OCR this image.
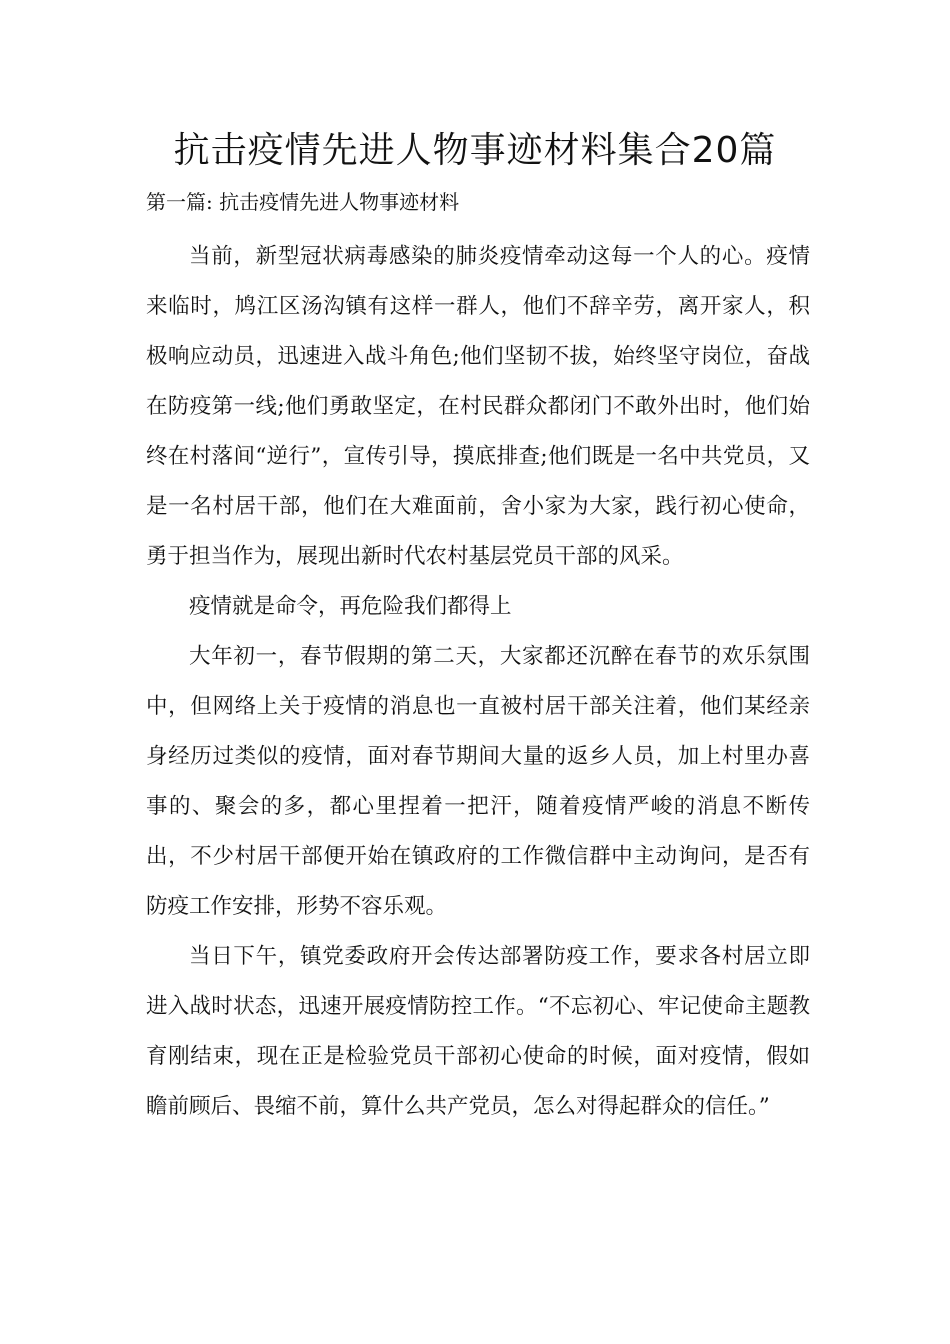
抗击疫情先进人物事迹材料集合20篇
第一篇: 抗击疫情先进人物事迹材料

当前，新型冠状病毒感染的肺炎疫情牵动这每一个人的心。疫情来临时，鸠江区汤沟镇有这样一群人，他们不辞辛劳，离开家人，积极响应动员，迅速进入战斗角色;他们坚韧不拔，始终坚守岗位，奋战在防疫第一线;他们勇敢坚定，在村民群众都闭门不敢外出时，他们始终在村落间“逆行”，宣传引导，摸底排查;他们既是一名中共党员，又是一名村居干部，他们在大难面前，舍小家为大家，践行初心使命，勇于担当作为，展现出新时代农村基层党员干部的风采。

疫情就是命令，再危险我们都得上

大年初一，春节假期的第二天，大家都还沉醉在春节的欢乐氛围中，但网络上关于疫情的消息也一直被村居干部关注着，他们某经亲身经历过类似的疫情，面对春节期间大量的返乡人员，加上村里办喜事的、聚会的多，都心里捏着一把汗，随着疫情严峻的消息不断传出，不少村居干部便开始在镇政府的工作微信群中主动询问，是否有防疫工作安排，形势不容乐观。

当日下午，镇党委政府开会传达部署防疫工作，要求各村居立即进入战时状态，迅速开展疫情防控工作。“不忘初心、牢记使命主题教育刚结束，现在正是检验党员干部初心使命的时候，面对疫情，假如瞻前顾后、畏缩不前，算什么共产党员，怎么对得起群众的信任。”
